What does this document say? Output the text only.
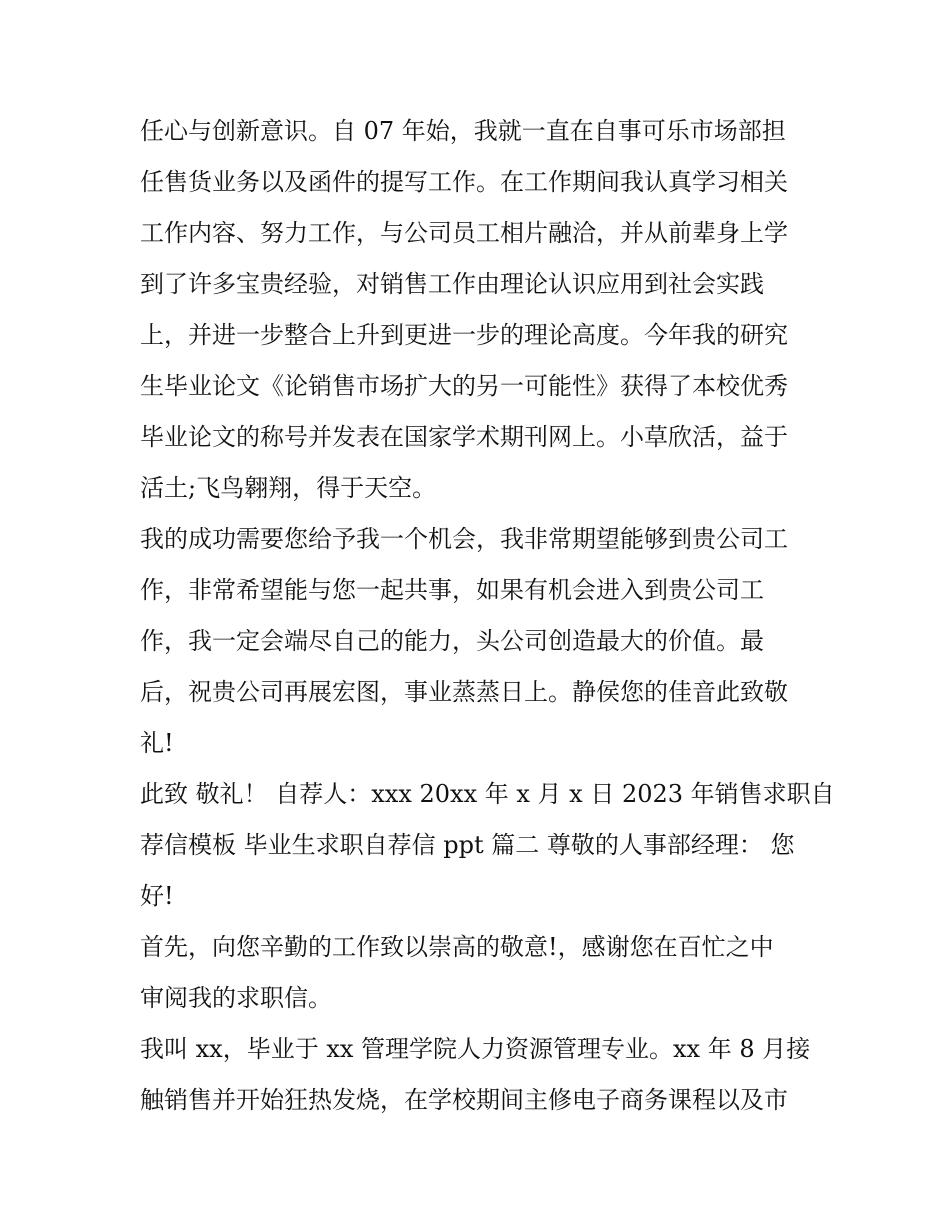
任心与创新意识。自 07 年始，我就一直在自事可乐市场部担
任售货业务以及函件的提写工作。在工作期间我认真学习相关
工作内容、努力工作，与公司员工相片融洽，并从前辈身上学
到了许多宝贵经验，对销售工作由理论认识应用到社会实践
上，并进一步整合上升到更进一步的理论高度。今年我的研究
生毕业论文《论销售市场扩大的另一可能性》获得了本校优秀
毕业论文的称号并发表在国家学术期刊网上。小草欣活，益于
活土;飞鸟翱翔，得于天空。
我的成功需要您给予我一个机会，我非常期望能够到贵公司工
作，非常希望能与您一起共事，如果有机会进入到贵公司工
作，我一定会端尽自己的能力，头公司创造最大的价值。最
后，祝贵公司再展宏图，事业蒸蒸日上。静侯您的佳音此致敬
礼!
此致 敬礼！ 自荐人：xxx 20xx 年 x 月 x 日 2023 年销售求职自
荐信模板 毕业生求职自荐信 ppt 篇二 尊敬的人事部经理： 您
好!
首先，向您辛勤的工作致以崇高的敬意!，感谢您在百忙之中
审阅我的求职信。
我叫 xx，毕业于 xx 管理学院人力资源管理专业。xx 年 8 月接
触销售并开始狂热发烧，在学校期间主修电子商务课程以及市
